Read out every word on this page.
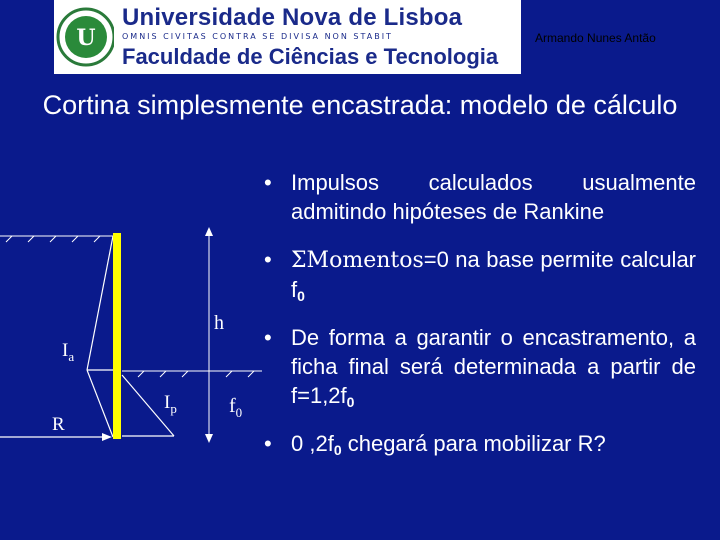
U
Universidade Nova de Lisboa
OMNIS CIVITAS CONTRA SE DIVISA NON STABIT
Faculdade de Ciências e Tecnologia
Armando Nunes Antão
Cortina simplesmente encastrada: modelo de cálculo
• Impulsos calculados usualmente admitindo hipóteses de Rankine
• ΣMomentos=0 na base permite calcular $f_0$
• De forma a garantir o encastramento, a ficha final será determinada a partir de $f=1,2f_0$
• 0 $,2f_0$ chegará para mobilizar R?
h
$I_a$
R
$I_p$	$f_0$
